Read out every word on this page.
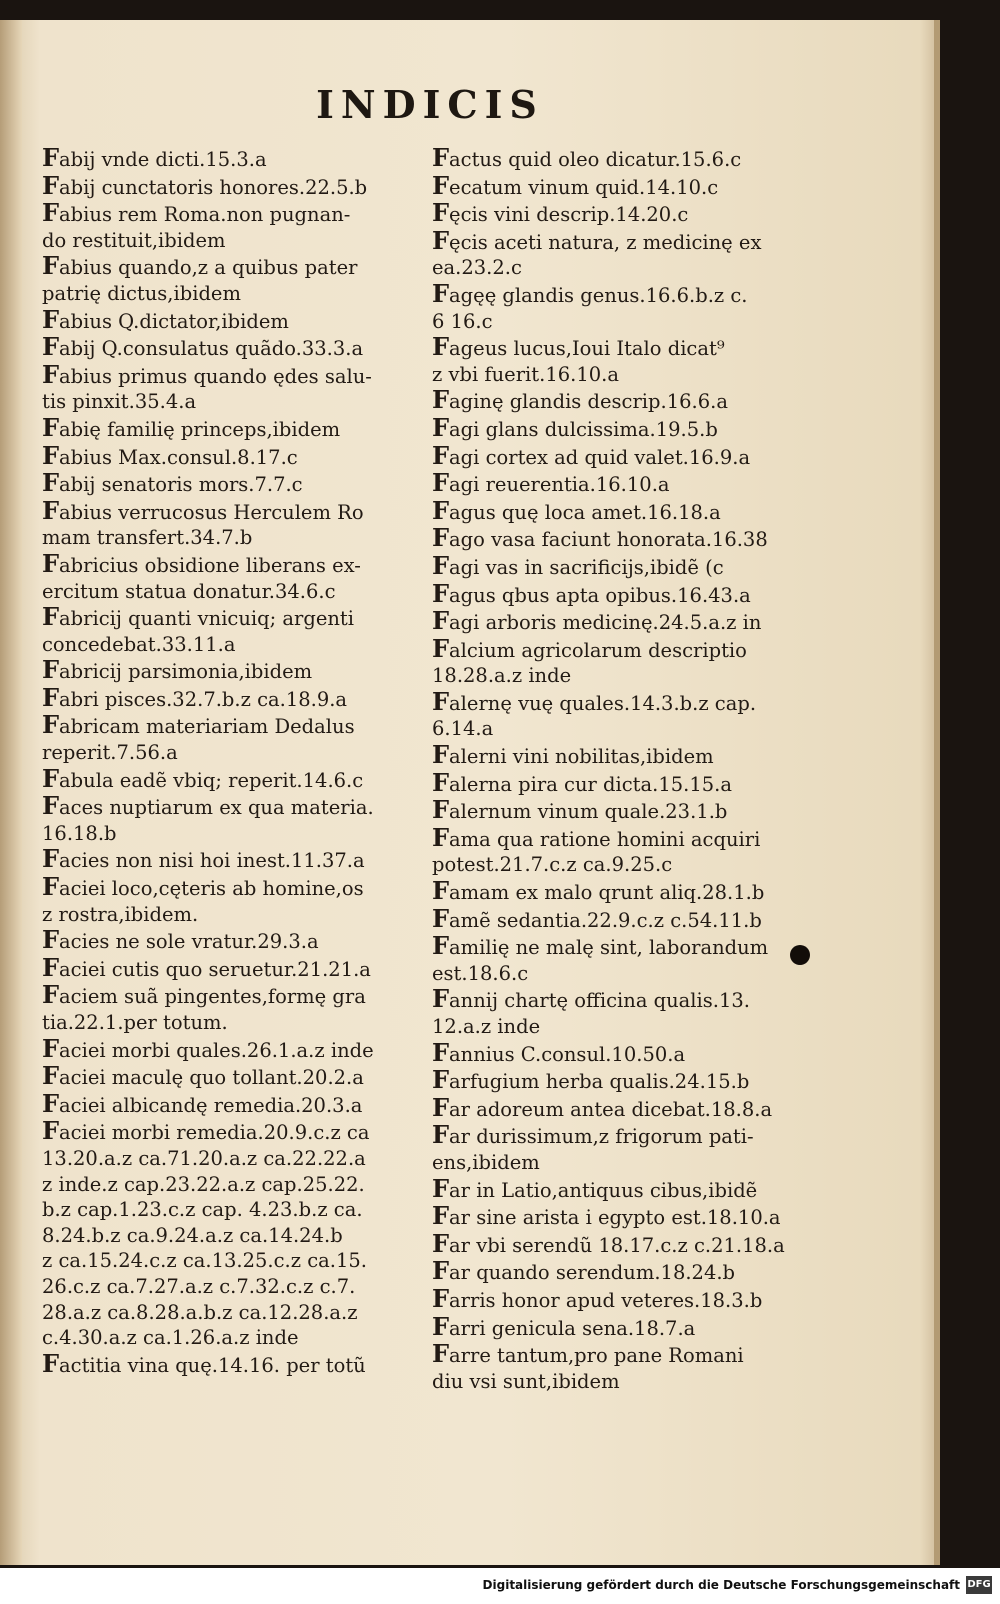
INDICIS
Fabij vnde dicti.15.3.a
Fabij cunctatoris honores.22.5.b
Fabius rem Roma.non pugnan-
do restituit,ibidem
Fabius quando,z a quibus pater
patrię dictus,ibidem
Fabius Q.dictator,ibidem
Fabij Q.consulatus quãdo.33.3.a
Fabius primus quando ędes salu-
tis pinxit.35.4.a
Fabię familię princeps,ibidem
Fabius Max.consul.8.17.c
Fabij senatoris mors.7.7.c
Fabius verrucosus Herculem Ro
mam transfert.34.7.b
Fabricius obsidione liberans ex-
ercitum statua donatur.34.6.c
Fabricij quanti vnicuiq; argenti
concedebat.33.11.a
Fabricij parsimonia,ibidem
Fabri pisces.32.7.b.z ca.18.9.a
Fabricam materiariam Dedalus
reperit.7.56.a
Fabula eadẽ vbiq; reperit.14.6.c
Faces nuptiarum ex qua materia.
16.18.b
Facies non nisi hoi inest.11.37.a
Faciei loco,cęteris ab homine,os
z rostra,ibidem.
Facies ne sole vratur.29.3.a
Faciei cutis quo seruetur.21.21.a
Faciem suã pingentes,formę gra
tia.22.1.per totum.
Faciei morbi quales.26.1.a.z inde
Faciei maculę quo tollant.20.2.a
Faciei albicandę remedia.20.3.a
Faciei morbi remedia.20.9.c.z ca
13.20.a.z ca.71.20.a.z ca.22.22.a
z inde.z cap.23.22.a.z cap.25.22.
b.z cap.1.23.c.z cap. 4.23.b.z ca.
8.24.b.z ca.9.24.a.z ca.14.24.b
z ca.15.24.c.z ca.13.25.c.z ca.15.
26.c.z ca.7.27.a.z c.7.32.c.z c.7.
28.a.z ca.8.28.a.b.z ca.12.28.a.z
c.4.30.a.z ca.1.26.a.z inde
Factitia vina quę.14.16. per totũ
Factus quid oleo dicatur.15.6.c
Fecatum vinum quid.14.10.c
Fęcis vini descrip.14.20.c
Fęcis aceti natura, z medicinę ex
ea.23.2.c
Fagęę glandis genus.16.6.b.z c.
6 16.c
Fageus lucus,Ioui Italo dicat⁹
z vbi fuerit.16.10.a
Faginę glandis descrip.16.6.a
Fagi glans dulcissima.19.5.b
Fagi cortex ad quid valet.16.9.a
Fagi reuerentia.16.10.a
Fagus quę loca amet.16.18.a
Fago vasa faciunt honorata.16.38
Fagi vas in sacrificijs,ibidẽ (c
Fagus qbus apta opibus.16.43.a
Fagi arboris medicinę.24.5.a.z in
Falcium agricolarum descriptio
18.28.a.z inde
Falernę vuę quales.14.3.b.z cap.
6.14.a
Falerni vini nobilitas,ibidem
Falerna pira cur dicta.15.15.a
Falernum vinum quale.23.1.b
Fama qua ratione homini acquiri
potest.21.7.c.z ca.9.25.c
Famam ex malo qrunt aliq.28.1.b
Famẽ sedantia.22.9.c.z c.54.11.b
Familię ne malę sint, laborandum
est.18.6.c
Fannij chartę officina qualis.13.
12.a.z inde
Fannius C.consul.10.50.a
Farfugium herba qualis.24.15.b
Far adoreum antea dicebat.18.8.a
Far durissimum,z frigorum pati-
ens,ibidem
Far in Latio,antiquus cibus,ibidẽ
Far sine arista i egypto est.18.10.a
Far vbi serendũ 18.17.c.z c.21.18.a
Far quando serendum.18.24.b
Farris honor apud veteres.18.3.b
Farri genicula sena.18.7.a
Farre tantum,pro pane Romani
diu vsi sunt,ibidem
Digitalisierung gefördert durch die Deutsche Forschungsgemeinschaft DFG
